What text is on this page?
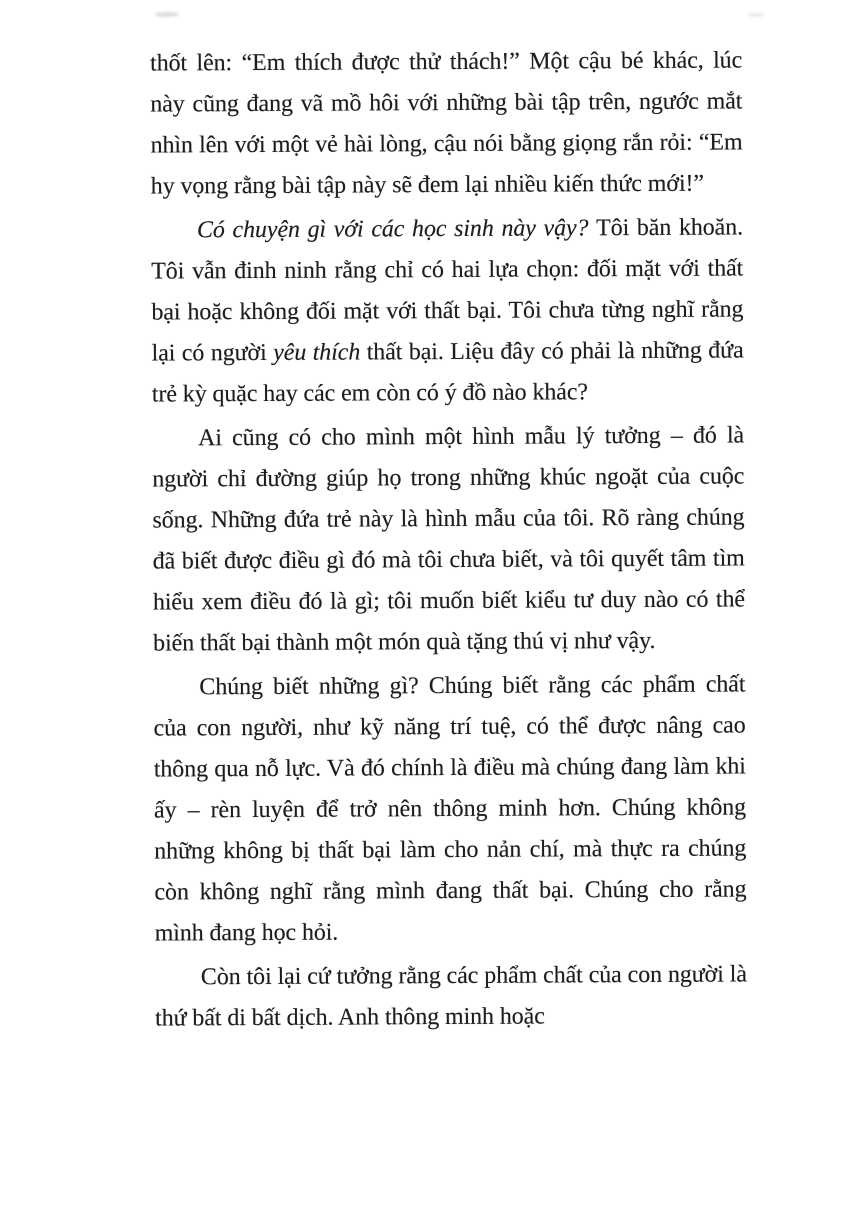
thốt lên: “Em thích được thử thách!” Một cậu bé khác, lúc này cũng đang vã mồ hôi với những bài tập trên, ngước mắt nhìn lên với một vẻ hài lòng, cậu nói bằng giọng rắn rỏi: “Em hy vọng rằng bài tập này sẽ đem lại nhiều kiến thức mới!”

Có chuyện gì với các học sinh này vậy? Tôi băn khoăn. Tôi vẫn đinh ninh rằng chỉ có hai lựa chọn: đối mặt với thất bại hoặc không đối mặt với thất bại. Tôi chưa từng nghĩ rằng lại có người yêu thích thất bại. Liệu đây có phải là những đứa trẻ kỳ quặc hay các em còn có ý đồ nào khác?

Ai cũng có cho mình một hình mẫu lý tưởng – đó là người chỉ đường giúp họ trong những khúc ngoặt của cuộc sống. Những đứa trẻ này là hình mẫu của tôi. Rõ ràng chúng đã biết được điều gì đó mà tôi chưa biết, và tôi quyết tâm tìm hiểu xem điều đó là gì; tôi muốn biết kiểu tư duy nào có thể biến thất bại thành một món quà tặng thú vị như vậy.

Chúng biết những gì? Chúng biết rằng các phẩm chất của con người, như kỹ năng trí tuệ, có thể được nâng cao thông qua nỗ lực. Và đó chính là điều mà chúng đang làm khi ấy – rèn luyện để trở nên thông minh hơn. Chúng không những không bị thất bại làm cho nản chí, mà thực ra chúng còn không nghĩ rằng mình đang thất bại. Chúng cho rằng mình đang học hỏi.

Còn tôi lại cứ tưởng rằng các phẩm chất của con người là thứ bất di bất dịch. Anh thông minh hoặc
